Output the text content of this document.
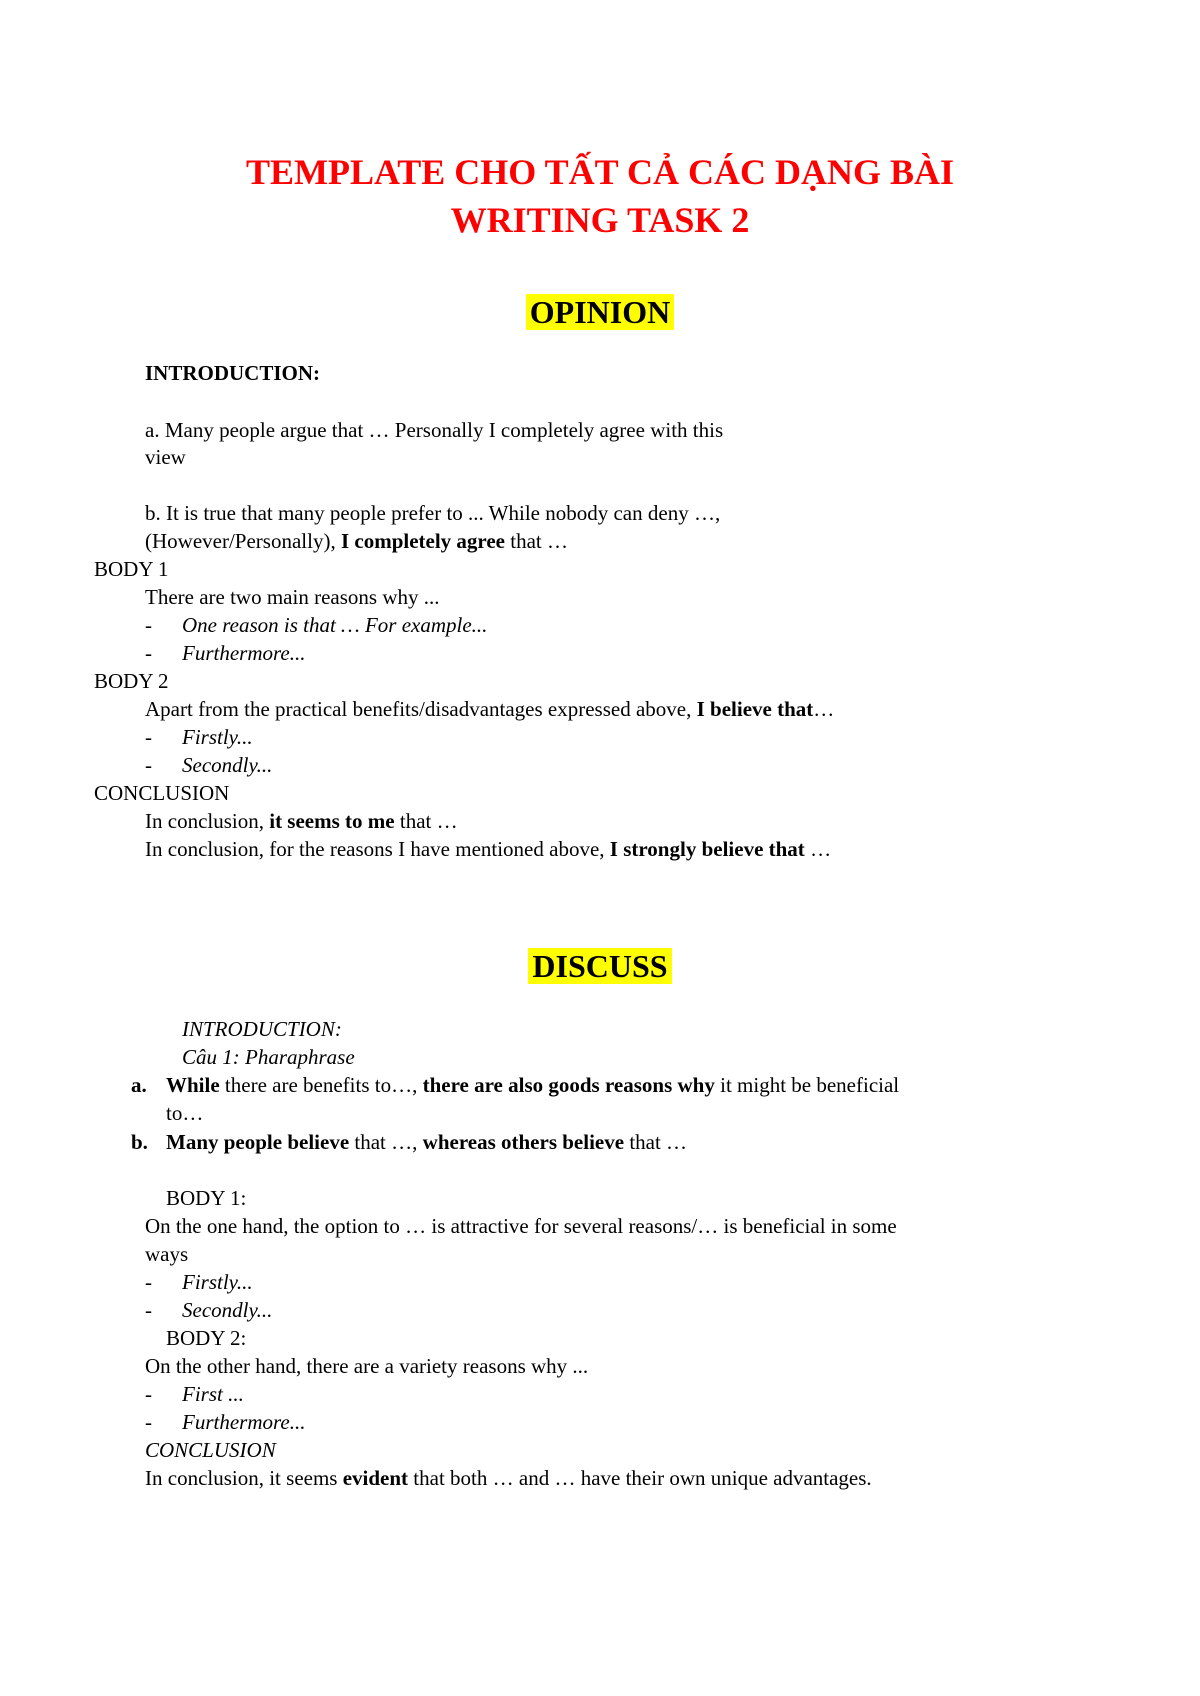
TEMPLATE CHO TẤT CẢ CÁC DẠNG BÀI
WRITING TASK 2
OPINION
INTRODUCTION:
a. Many people argue that … Personally I completely agree with this
view
b. It is true that many people prefer to ... While nobody can deny …,
(However/Personally), I completely agree that …
BODY 1
There are two main reasons why ...
- One reason is that … For example...
- Furthermore...
BODY 2
Apart from the practical benefits/disadvantages expressed above, I believe that…
- Firstly...
- Secondly...
CONCLUSION
In conclusion, it seems to me that …
In conclusion, for the reasons I have mentioned above, I strongly believe that …
DISCUSS
INTRODUCTION:
Câu 1: Pharaphrase
a. While there are benefits to…, there are also goods reasons why it might be beneficial
to…
b. Many people believe that …, whereas others believe that …
BODY 1:
On the one hand, the option to … is attractive for several reasons/… is beneficial in some
ways
- Firstly...
- Secondly...
BODY 2:
On the other hand, there are a variety reasons why ...
- First ...
- Furthermore...
CONCLUSION
In conclusion, it seems evident that both … and … have their own unique advantages.
